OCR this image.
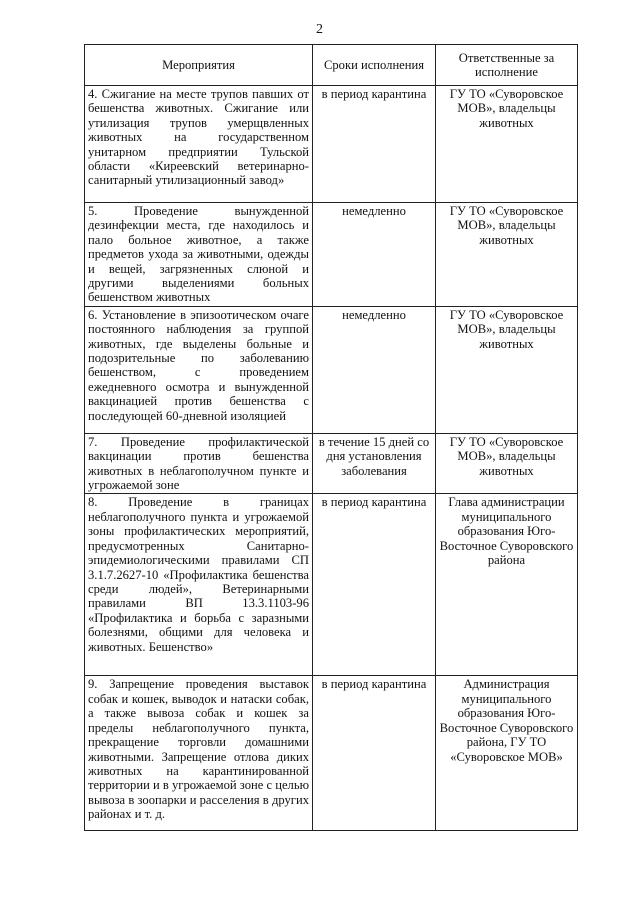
2
Мероприятия	Сроки исполнения	Ответственные за исполнение
4. Сжигание на месте трупов павших от бешенства животных. Сжигание или утилизация трупов умерщвленных животных на государственном унитарном предприятии Тульской области «Киреевский ветеринарно-санитарный утилизационный завод»	в период карантина	ГУ ТО «Суворовское МОВ», владельцы животных
5. Проведение вынужденной дезинфекции места, где находилось и пало больное животное, а также предметов ухода за животными, одежды и вещей, загрязненных слюной и другими выделениями больных бешенством животных	немедленно	ГУ ТО «Суворовское МОВ», владельцы животных
6. Установление в эпизоотическом очаге постоянного наблюдения за группой животных, где выделены больные и подозрительные по заболеванию бешенством, с проведением ежедневного осмотра и вынужденной вакцинацией против бешенства с последующей 60-дневной изоляцией	немедленно	ГУ ТО «Суворовское МОВ», владельцы животных
7. Проведение профилактической вакцинации против бешенства животных в неблагополучном пункте и угрожаемой зоне	в течение 15 дней со дня установления заболевания	ГУ ТО «Суворовское МОВ», владельцы животных
8. Проведение в границах неблагополучного пункта и угрожаемой зоны профилактических мероприятий, предусмотренных Санитарно-эпидемиологическими правилами СП 3.1.7.2627-10 «Профилактика бешенства среди людей», Ветеринарными правилами ВП 13.3.1103-96 «Профилактика и борьба с заразными болезнями, общими для человека и животных. Бешенство»	в период карантина	Глава администрации муниципального образования Юго-Восточное Суворовского района
9. Запрещение проведения выставок собак и кошек, выводок и натаски собак, а также вывоза собак и кошек за пределы неблагополучного пункта, прекращение торговли домашними животными. Запрещение отлова диких животных на карантинированной территории и в угрожаемой зоне с целью вывоза в зоопарки и расселения в других районах и т. д.	в период карантина	Администрация муниципального образования Юго-Восточное Суворовского района, ГУ ТО «Суворовское МОВ»
